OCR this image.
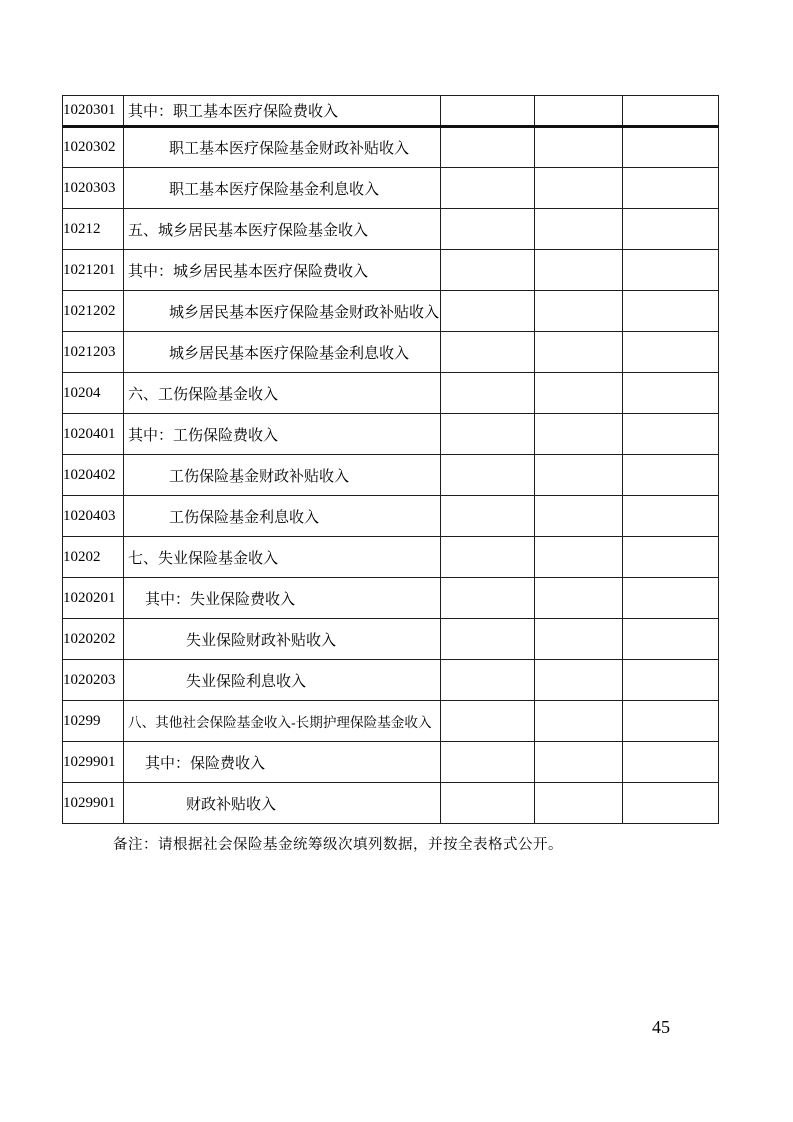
1020301	其中：职工基本医疗保险费收入			
1020302	职工基本医疗保险基金财政补贴收入			
1020303	职工基本医疗保险基金利息收入			
10212	五、城乡居民基本医疗保险基金收入			
1021201	其中：城乡居民基本医疗保险费收入			
1021202	城乡居民基本医疗保险基金财政补贴收入			
1021203	城乡居民基本医疗保险基金利息收入			
10204	六、工伤保险基金收入			
1020401	其中：工伤保险费收入			
1020402	工伤保险基金财政补贴收入			
1020403	工伤保险基金利息收入			
10202	七、失业保险基金收入			
1020201	其中：失业保险费收入			
1020202	失业保险财政补贴收入			
1020203	失业保险利息收入			
10299	八、其他社会保险基金收入-长期护理保险基金收入			
1029901	其中：保险费收入			
1029901	财政补贴收入			
备注：请根据社会保险基金统筹级次填列数据，并按全表格式公开。
45
